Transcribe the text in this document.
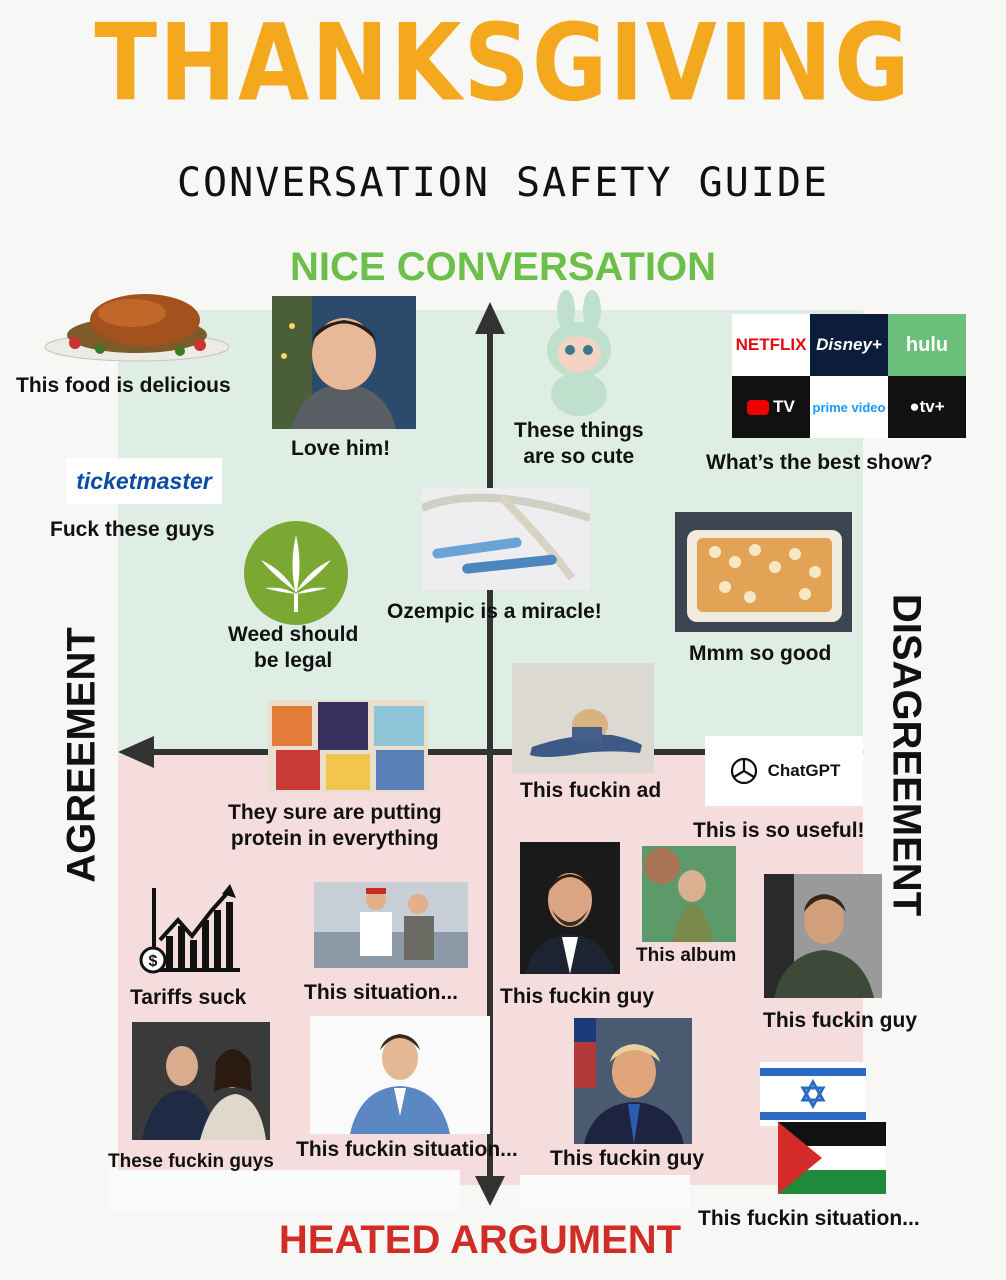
THANKSGIVING
CONVERSATION SAFETY GUIDE
NICE CONVERSATION
HEATED ARGUMENT
AGREEMENT	DISAGREEMENT
This food is delicious
Love him!
These things
are so cute
NETFLIX Disney+	hulu
TV prime video ● tv+
What’s the best show?
ticketmaster
Fuck these guys
Ozempic is a miracle!
Weed should
be legal	Mmm so good
They sure are putting
protein in everything
This fuckin ad
ChatGPT
This is so useful!
$
Tariffs suck	This situation... This fuckin guy
This album
This fuckin guy
These fuckin guys
This fuckin situation... This fuckin guy
This fuckin situation...
